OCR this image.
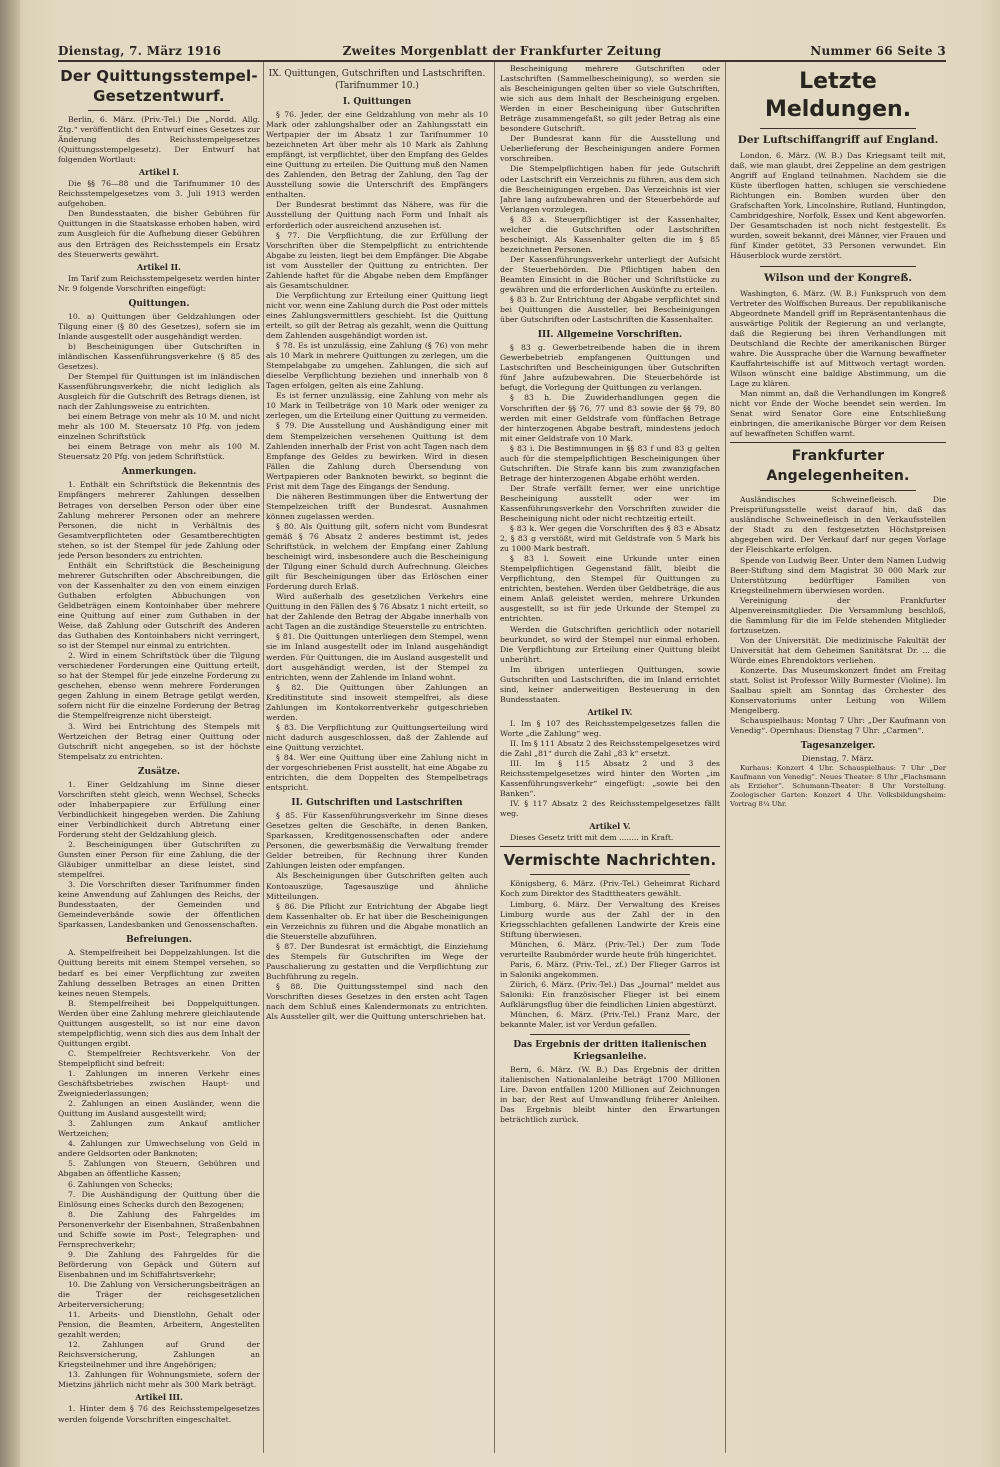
Dienstag, 7. März 1916	Zweites Morgenblatt der Frankfurter Zeitung	Nummer 66 Seite 3
Der Quittungsstempel-Gesetzentwurf.

Berlin, 6. März. (Priv.-Tel.) Die „Nordd. Allg. Ztg.“ veröffentlicht den Entwurf eines Gesetzes zur Änderung des Reichsstempelgesetzes (Quittungsstempelgesetz). Der Entwurf hat folgenden Wortlaut:

Artikel I.

Die §§ 76—88 und die Tarifnummer 10 des Reichsstempelgesetzes vom 3. Juli 1913 werden aufgehoben.

Den Bundesstaaten, die bisher Gebühren für Quittungen in die Staatskasse erhoben haben, wird zum Ausgleich für die Aufhebung dieser Gebühren aus den Erträgen des Reichsstempels ein Ersatz des Steuerwerts gewährt.

Artikel II.

Im Tarif zum Reichsstempelgesetz werden hinter Nr. 9 folgende Vorschriften eingefügt:

Quittungen.

10. a) Quittungen über Geldzahlungen oder Tilgung einer (§ 80 des Gesetzes), sofern sie im Inlande ausgestellt oder ausgehändigt werden.

b) Bescheinigungen über Gutschriften in inländischen Kassenführungsverkehre (§ 85 des Gesetzes).

Der Stempel für Quittungen ist im inländischen Kassenführungsverkehr, die nicht lediglich als Ausgleich für die Gutschrift des Betrags dienen, ist nach der Zahlungsweise zu entrichten.

bei einem Betrage von mehr als 10 M. und nicht mehr als 100 M. Steuersatz 10 Pfg. von jedem einzelnen Schriftstück

bei einem Betrage von mehr als 100 M. Steuersatz 20 Pfg. von jedem Schriftstück.

Anmerkungen.

1. Enthält ein Schriftstück die Bekenntnis des Empfängers mehrerer Zahlungen desselben Betrages von derselben Person oder über eine Zahlung mehrerer Personen oder an mehrere Personen, die nicht in Verhältnis des Gesamtverpflichteten oder Gesamtberechtigten stehen, so ist der Stempel für jede Zahlung oder jede Person besonders zu entrichten.

Enthält ein Schriftstück die Bescheinigung mehrerer Gutschriften oder Abschreibungen, die von der Kassenhalter zu den von einem einzigen Guthaben erfolgten Abbuchungen von Geldbeträgen einem Kontoinhaber über mehrere eine Quittung auf einer zum Guthaben in der Weise, daß Zahlung oder Gutschrift des Anderen das Guthaben des Kontoinhabers nicht verringert, so ist der Stempel nur einmal zu entrichten.

2. Wird in einem Schriftstück über die Tilgung verschiedener Forderungen eine Quittung erteilt, so hat der Stempel für jede einzelne Forderung zu geschehen, ebenso wenn mehrere Forderungen gegen Zahlung in einem Betrage getilgt werden, sofern nicht für die einzelne Forderung der Betrag die Stempelfreigrenze nicht übersteigt.

3. Wird bei Entrichtung des Stempels mit Wertzeichen der Betrag einer Quittung oder Gutschrift nicht angegeben, so ist der höchste Stempelsatz zu entrichten.

Zusätze.

1. Einer Geldzahlung im Sinne dieser Vorschriften steht gleich, wenn Wechsel, Schecks oder Inhaberpapiere zur Erfüllung einer Verbindlichkeit hingegeben werden. Die Zahlung einer Verbindlichkeit durch Abtretung einer Forderung steht der Geldzahlung gleich.

2. Bescheinigungen über Gutschriften zu Gunsten einer Person für eine Zahlung, die der Gläubiger unmittelbar an diese leistet, sind stempelfrei.

3. Die Vorschriften dieser Tarifnummer finden keine Anwendung auf Zahlungen des Reichs, der Bundesstaaten, der Gemeinden und Gemeindeverbände sowie der öffentlichen Sparkassen, Landesbanken und Genossenschaften.

Befreiungen.

A. Stempelfreiheit bei Doppelzahlungen. Ist die Quittung bereits mit einem Stempel versehen, so bedarf es bei einer Verpflichtung zur zweiten Zahlung desselben Betrages an einen Dritten keines neuen Stempels.

B. Stempelfreiheit bei Doppelquittungen. Werden über eine Zahlung mehrere gleichlautende Quittungen ausgestellt, so ist nur eine davon stempelpflichtig, wenn sich dies aus dem Inhalt der Quittungen ergibt.

C. Stempelfreier Rechtsverkehr. Von der Stempelpflicht sind befreit:

1. Zahlungen im inneren Verkehr eines Geschäftsbetriebes zwischen Haupt- und Zweigniederlassungen;

2. Zahlungen an einen Ausländer, wenn die Quittung im Ausland ausgestellt wird;

3. Zahlungen zum Ankauf amtlicher Wertzeichen;

4. Zahlungen zur Umwechselung von Geld in andere Geldsorten oder Banknoten;

5. Zahlungen von Steuern, Gebühren und Abgaben an öffentliche Kassen;

6. Zahlungen von Schecks;

7. Die Aushändigung der Quittung über die Einlösung eines Schecks durch den Bezogenen;

8. Die Zahlung des Fahrgeldes im Personenverkehr der Eisenbahnen, Straßenbahnen und Schiffe sowie im Post-, Telegraphen- und Fernsprechverkehr;

9. Die Zahlung des Fahrgeldes für die Beförderung von Gepäck und Gütern auf Eisenbahnen und im Schiffahrtsverkehr;

10. Die Zahlung von Versicherungsbeiträgen an die Träger der reichsgesetzlichen Arbeiterversicherung;

11. Arbeits- und Dienstlohn, Gehalt oder Pension, die Beamten, Arbeitern, Angestellten gezahlt werden;

12. Zahlungen auf Grund der Reichsversicherung, Zahlungen an Kriegsteilnehmer und ihre Angehörigen;

13. Zahlungen für Wohnungsmiete, sofern der Mietzins jährlich nicht mehr als 300 Mark beträgt.

Artikel III.

1. Hinter dem § 76 des Reichsstempelgesetzes werden folgende Vorschriften eingeschaltet.

IX. Quittungen, Gutschriften und Lastschriften. (Tarifnummer 10.)
I. Quittungen

§ 76. Jeder, der eine Geldzahlung von mehr als 10 Mark oder zahlungshalber oder an Zahlungsstatt ein Wertpapier der im Absatz 1 zur Tarifnummer 10 bezeichneten Art über mehr als 10 Mark als Zahlung empfängt, ist verpflichtet, über den Empfang des Geldes eine Quittung zu erteilen. Die Quittung muß den Namen des Zahlenden, den Betrag der Zahlung, den Tag der Ausstellung sowie die Unterschrift des Empfängers enthalten.

Der Bundesrat bestimmt das Nähere, was für die Ausstellung der Quittung nach Form und Inhalt als erforderlich oder ausreichend anzusehen ist.

§ 77. Die Verpflichtung, die zur Erfüllung der Vorschriften über die Stempelpflicht zu entrichtende Abgabe zu leisten, liegt bei dem Empfänger. Die Abgabe ist vom Aussteller der Quittung zu entrichten. Der Zahlende haftet für die Abgabe neben dem Empfänger als Gesamtschuldner.

Die Verpflichtung zur Erteilung einer Quittung liegt nicht vor, wenn eine Zahlung durch die Post oder mittels eines Zahlungsvermittlers geschieht. Ist die Quittung erteilt, so gilt der Betrag als gezahlt, wenn die Quittung dem Zahlenden ausgehändigt worden ist.

§ 78. Es ist unzulässig, eine Zahlung (§ 76) von mehr als 10 Mark in mehrere Quittungen zu zerlegen, um die Stempelabgabe zu umgehen. Zahlungen, die sich auf dieselbe Verpflichtung beziehen und innerhalb von 8 Tagen erfolgen, gelten als eine Zahlung.

Es ist ferner unzulässig, eine Zahlung von mehr als 10 Mark in Teilbeträge von 10 Mark oder weniger zu zerlegen, um die Erteilung einer Quittung zu vermeiden.

§ 79. Die Ausstellung und Aushändigung einer mit dem Stempelzeichen versehenen Quittung ist dem Zahlenden innerhalb der Frist von acht Tagen nach dem Empfange des Geldes zu bewirken. Wird in diesen Fällen die Zahlung durch Übersendung von Wertpapieren oder Banknoten bewirkt, so beginnt die Frist mit dem Tage des Eingangs der Sendung.

Die näheren Bestimmungen über die Entwertung der Stempelzeichen trifft der Bundesrat. Ausnahmen können zugelassen werden.

§ 80. Als Quittung gilt, sofern nicht vom Bundesrat gemäß § 76 Absatz 2 anderes bestimmt ist, jedes Schriftstück, in welchem der Empfang einer Zahlung bescheinigt wird, insbesondere auch die Bescheinigung der Tilgung einer Schuld durch Aufrechnung. Gleiches gilt für Bescheinigungen über das Erlöschen einer Forderung durch Erlaß.

Wird außerhalb des gesetzlichen Verkehrs eine Quittung in den Fällen des § 76 Absatz 1 nicht erteilt, so hat der Zahlende den Betrag der Abgabe innerhalb von acht Tagen an die zuständige Steuerstelle zu entrichten.

§ 81. Die Quittungen unterliegen dem Stempel, wenn sie im Inland ausgestellt oder im Inland ausgehändigt werden. Für Quittungen, die im Ausland ausgestellt und dort ausgehändigt werden, ist der Stempel zu entrichten, wenn der Zahlende im Inland wohnt.

§ 82. Die Quittungen über Zahlungen an Kreditinstitute sind insoweit stempelfrei, als diese Zahlungen im Kontokorrentverkehr gutgeschrieben werden.

§ 83. Die Verpflichtung zur Quittungserteilung wird nicht dadurch ausgeschlossen, daß der Zahlende auf eine Quittung verzichtet.

§ 84. Wer eine Quittung über eine Zahlung nicht in der vorgeschriebenen Frist ausstellt, hat eine Abgabe zu entrichten, die dem Doppelten des Stempelbetrags entspricht.

II. Gutschriften und Lastschriften

§ 85. Für Kassenführungsverkehr im Sinne dieses Gesetzes gelten die Geschäfte, in denen Banken, Sparkassen, Kreditgenossenschaften oder andere Personen, die gewerbsmäßig die Verwaltung fremder Gelder betreiben, für Rechnung ihrer Kunden Zahlungen leisten oder empfangen.

Als Bescheinigungen über Gutschriften gelten auch Kontoauszüge, Tagesauszüge und ähnliche Mitteilungen.

§ 86. Die Pflicht zur Entrichtung der Abgabe liegt dem Kassenhalter ob. Er hat über die Bescheinigungen ein Verzeichnis zu führen und die Abgabe monatlich an die Steuerstelle abzuführen.

§ 87. Der Bundesrat ist ermächtigt, die Einziehung des Stempels für Gutschriften im Wege der Pauschalierung zu gestatten und die Verpflichtung zur Buchführung zu regeln.

§ 88. Die Quittungsstempel sind nach den Vorschriften dieses Gesetzes in den ersten acht Tagen nach dem Schluß eines Kalendermonats zu entrichten. Als Aussteller gilt, wer die Quittung unterschrieben hat.

Bescheinigung mehrere Gutschriften oder Lastschriften (Sammelbescheinigung), so werden sie als Bescheinigungen gelten über so viele Gutschriften, wie sich aus dem Inhalt der Bescheinigung ergeben. Werden in einer Bescheinigung über Gutschriften Beträge zusammengefaßt, so gilt jeder Betrag als eine besondere Gutschrift.

Der Bundesrat kann für die Ausstellung und Ueberlieferung der Bescheinigungen andere Formen vorschreiben.

Die Stempelpflichtigen haben für jede Gutschrift oder Lastschrift ein Verzeichnis zu führen, aus dem sich die Bescheinigungen ergeben. Das Verzeichnis ist vier Jahre lang aufzubewahren und der Steuerbehörde auf Verlangen vorzulegen.

§ 83 a. Steuerpflichtiger ist der Kassenhalter, welcher die Gutschriften oder Lastschriften bescheinigt. Als Kassenhalter gelten die im § 85 bezeichneten Personen.

Der Kassenführungsverkehr unterliegt der Aufsicht der Steuerbehörden. Die Pflichtigen haben den Beamten Einsicht in die Bücher und Schriftstücke zu gewähren und die erforderlichen Auskünfte zu erteilen.

§ 83 b. Zur Entrichtung der Abgabe verpflichtet sind bei Quittungen die Aussteller, bei Bescheinigungen über Gutschriften oder Lastschriften die Kassenhalter.

III. Allgemeine Vorschriften.

§ 83 g. Gewerbetreibende haben die in ihrem Gewerbebetrieb empfangenen Quittungen und Lastschriften und Bescheinigungen über Gutschriften fünf Jahre aufzubewahren. Die Steuerbehörde ist befugt, die Vorlegung der Quittungen zu verlangen.

§ 83 h. Die Zuwiderhandlungen gegen die Vorschriften der §§ 76, 77 und 83 sowie der §§ 79, 80 werden mit einer Geldstrafe vom fünffachen Betrage der hinterzogenen Abgabe bestraft, mindestens jedoch mit einer Geldstrafe von 10 Mark.

§ 83 i. Die Bestimmungen in §§ 83 f und 83 g gelten auch für die stempelpflichtigen Bescheinigungen über Gutschriften. Die Strafe kann bis zum zwanzigfachen Betrage der hinterzogenen Abgabe erhöht werden.

Der Strafe verfällt ferner, wer eine unrichtige Bescheinigung ausstellt oder wer im Kassenführungsverkehr den Vorschriften zuwider die Bescheinigung nicht oder nicht rechtzeitig erteilt.

§ 83 k. Wer gegen die Vorschriften des § 83 e Absatz 2, § 83 g verstößt, wird mit Geldstrafe von 5 Mark bis zu 1000 Mark bestraft.

§ 83 l. Soweit eine Urkunde unter einen Stempelpflichtigen Gegenstand fällt, bleibt die Verpflichtung, den Stempel für Quittungen zu entrichten, bestehen. Werden über Geldbeträge, die aus einem Anlaß geleistet werden, mehrere Urkunden ausgestellt, so ist für jede Urkunde der Stempel zu entrichten.

Werden die Gutschriften gerichtlich oder notariell beurkundet, so wird der Stempel nur einmal erhoben. Die Verpflichtung zur Erteilung einer Quittung bleibt unberührt.

Im übrigen unterliegen Quittungen, sowie Gutschriften und Lastschriften, die im Inland errichtet sind, keiner anderweitigen Besteuerung in den Bundesstaaten.

Artikel IV.

I. Im § 107 des Reichsstempelgesetzes fallen die Worte „die Zahlung“ weg.

II. Im § 111 Absatz 2 des Reichsstempelgesetzes wird die Zahl „81“ durch die Zahl „83 k“ ersetzt.

III. Im § 115 Absatz 2 und 3 des Reichsstempelgesetzes wird hinter den Worten „im Kassenführungsverkehr“ eingefügt: „sowie bei den Banken“.

IV. § 117 Absatz 2 des Reichsstempelgesetzes fällt weg.

Artikel V.

Dieses Gesetz tritt mit dem ........ in Kraft.

Vermischte Nachrichten.

Königsberg, 6. März. (Priv.-Tel.) Geheimrat Richard Koch zum Direktor des Stadttheaters gewählt.

Limburg, 6. März. Der Verwaltung des Kreises Limburg wurde aus der Zahl der in den Kriegsschlachten gefallenen Landwirte der Kreis eine Stiftung überwiesen.

München, 6. März. (Priv.-Tel.) Der zum Tode verurteilte Raubmörder wurde heute früh hingerichtet.

Paris, 6. März. (Priv.-Tel., zf.) Der Flieger Garros ist in Saloniki angekommen.

Zürich, 6. März. (Priv.-Tel.) Das „Journal“ meldet aus Saloniki: Ein französischer Flieger ist bei einem Aufklärungsflug über die feindlichen Linien abgestürzt.

München, 6. März. (Priv.-Tel.) Franz Marc, der bekannte Maler, ist vor Verdun gefallen.

Das Ergebnis der dritten italienischen Kriegsanleihe.

Bern, 6. März. (W. B.) Das Ergebnis der dritten italienischen Nationalanleihe beträgt 1700 Millionen Lire. Davon entfallen 1200 Millionen auf Zeichnungen in bar, der Rest auf Umwandlung früherer Anleihen. Das Ergebnis bleibt hinter den Erwartungen beträchtlich zurück.

Letzte Meldungen.
Der Luftschiffangriff auf England.

London, 6. März. (W. B.) Das Kriegsamt teilt mit, daß, wie man glaubt, drei Zeppeline an dem gestrigen Angriff auf England teilnahmen. Nachdem sie die Küste überflogen hatten, schlugen sie verschiedene Richtungen ein. Bomben wurden über den Grafschaften York, Lincolnshire, Rutland, Huntingdon, Cambridgeshire, Norfolk, Essex und Kent abgeworfen. Der Gesamtschaden ist noch nicht festgestellt. Es wurden, soweit bekannt, drei Männer, vier Frauen und fünf Kinder getötet, 33 Personen verwundet. Ein Häuserblock wurde zerstört.

Wilson und der Kongreß.

Washington, 6. März. (W. B.) Funkspruch von dem Vertreter des Wolffschen Bureaus. Der republikanische Abgeordnete Mandell griff im Repräsentantenhaus die auswärtige Politik der Regierung an und verlangte, daß die Regierung bei ihren Verhandlungen mit Deutschland die Rechte der amerikanischen Bürger wahre. Die Aussprache über die Warnung bewaffneter Kauffahrteischiffe ist auf Mittwoch vertagt worden. Wilson wünscht eine baldige Abstimmung, um die Lage zu klären.

Man nimmt an, daß die Verhandlungen im Kongreß nicht vor Ende der Woche beendet sein werden. Im Senat wird Senator Gore eine Entschließung einbringen, die amerikanische Bürger vor dem Reisen auf bewaffneten Schiffen warnt.

Frankfurter Angelegenheiten.

Ausländisches Schweinefleisch. Die Preisprüfungsstelle weist darauf hin, daß das ausländische Schweinefleisch in den Verkaufsstellen der Stadt zu den festgesetzten Höchstpreisen abgegeben wird. Der Verkauf darf nur gegen Vorlage der Fleischkarte erfolgen.

Spende von Ludwig Beer. Unter dem Namen Ludwig Beer-Stiftung sind dem Magistrat 30 000 Mark zur Unterstützung bedürftiger Familien von Kriegsteilnehmern überwiesen worden.

Vereinigung der Frankfurter Alpenvereinsmitglieder. Die Versammlung beschloß, die Sammlung für die im Felde stehenden Mitglieder fortzusetzen.

Von der Universität. Die medizinische Fakultät der Universität hat dem Geheimen Sanitätsrat Dr. ... die Würde eines Ehrendoktors verliehen.

Konzerte. Das Museumskonzert findet am Freitag statt. Solist ist Professor Willy Burmester (Violine). Im Saalbau spielt am Sonntag das Orchester des Konservatoriums unter Leitung von Willem Mengelberg.

Schauspielhaus: Montag 7 Uhr: „Der Kaufmann von Venedig“. Opernhaus: Dienstag 7 Uhr: „Carmen“.

Tagesanzeiger.

Dienstag, 7. März.

Kurhaus: Konzert 4 Uhr. Schauspielhaus: 7 Uhr „Der Kaufmann von Venedig“. Neues Theater: 8 Uhr „Flachsmann als Erzieher“. Schumann-Theater: 8 Uhr Vorstellung. Zoologischer Garten: Konzert 4 Uhr. Volksbildungsheim: Vortrag 8¼ Uhr.
